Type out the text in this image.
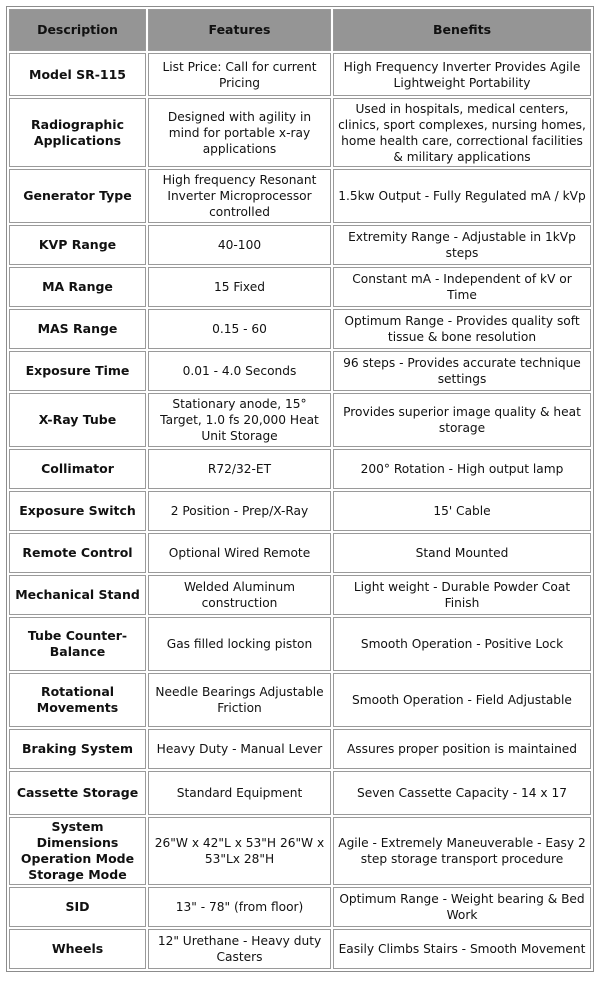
Description	Features	Benefits
Model SR-115	List Price: Call for current Pricing	High Frequency Inverter Provides Agile Lightweight Portability
Radiographic Applications	Designed with agility in mind for portable x-ray applications	Used in hospitals, medical centers, clinics, sport complexes, nursing homes, home health care, correctional facilities & military applications
Generator Type	High frequency Resonant Inverter Microprocessor controlled	1.5kw Output - Fully Regulated mA / kVp
KVP Range	40-100	Extremity Range - Adjustable in 1kVp steps
MA Range	15 Fixed	Constant mA - Independent of kV or Time
MAS Range	0.15 - 60	Optimum Range - Provides quality soft tissue & bone resolution
Exposure Time	0.01 - 4.0 Seconds	96 steps - Provides accurate technique settings
X-Ray Tube	Stationary anode, 15° Target, 1.0 fs 20,000 Heat Unit Storage	Provides superior image quality & heat storage
Collimator	R72/32-ET	200° Rotation - High output lamp
Exposure Switch	2 Position - Prep/X-Ray	15' Cable
Remote Control	Optional Wired Remote	Stand Mounted
Mechanical Stand	Welded Aluminum construction	Light weight - Durable Powder Coat Finish
Tube Counter-Balance	Gas filled locking piston	Smooth Operation - Positive Lock
Rotational Movements	Needle Bearings Adjustable Friction	Smooth Operation - Field Adjustable
Braking System	Heavy Duty - Manual Lever	Assures proper position is maintained
Cassette Storage	Standard Equipment	Seven Cassette Capacity - 14 x 17
System Dimensions Operation Mode Storage Mode	26"W x 42"L x 53"H 26"W x 53"Lx 28"H	Agile - Extremely Maneuverable - Easy 2 step storage transport procedure
SID	13" - 78" (from floor)	Optimum Range - Weight bearing & Bed Work
Wheels	12" Urethane - Heavy duty Casters	Easily Climbs Stairs - Smooth Movement
